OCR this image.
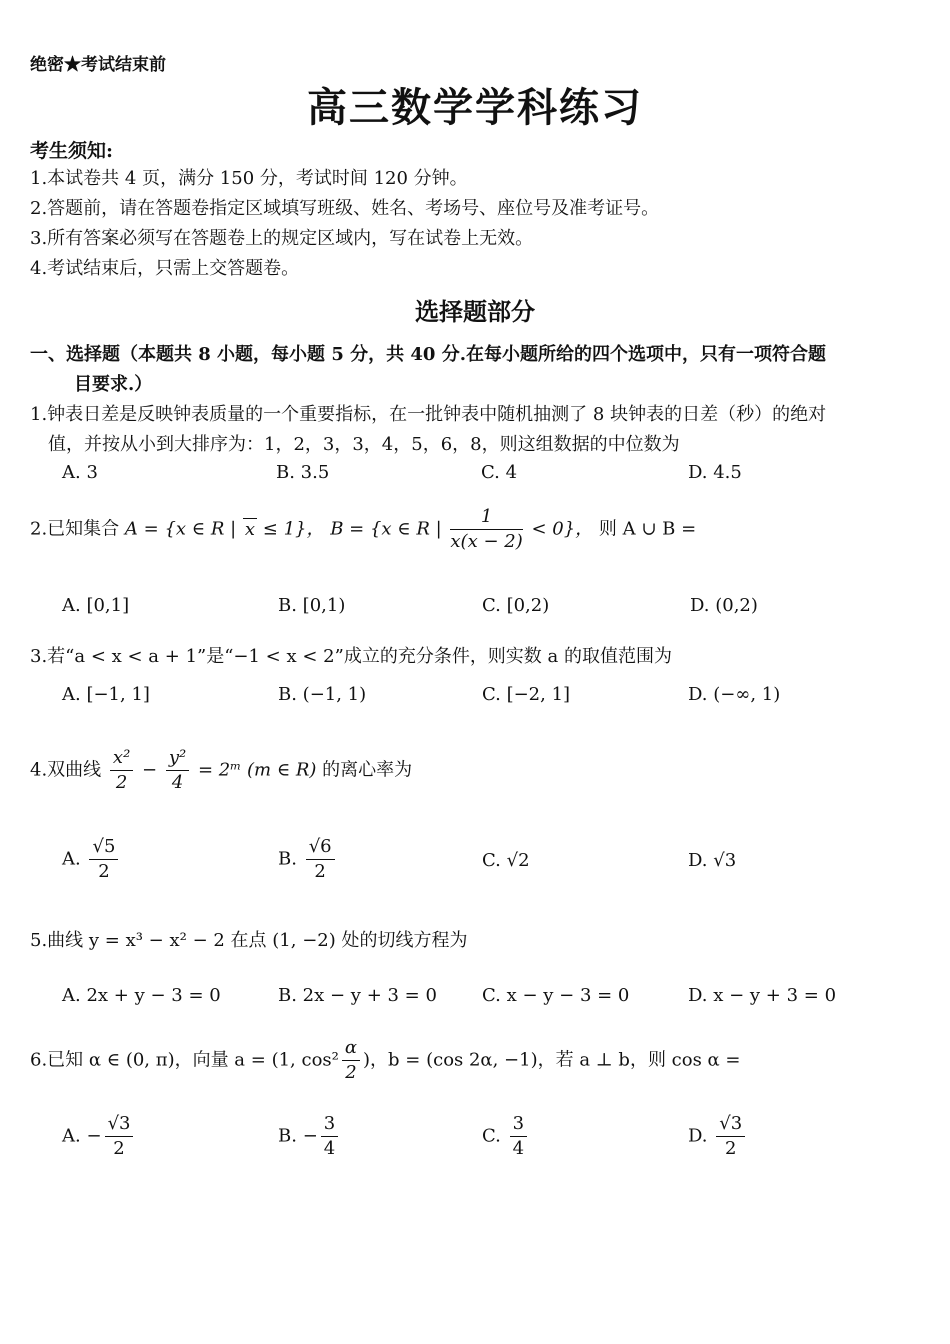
绝密★考试结束前
高三数学学科练习
考生须知:
1.本试卷共 4 页，满分 150 分，考试时间 120 分钟。
2.答题前，请在答题卷指定区域填写班级、姓名、考场号、座位号及准考证号。
3.所有答案必须写在答题卷上的规定区域内，写在试卷上无效。
4.考试结束后，只需上交答题卷。
选择题部分
一、选择题（本题共 8 小题，每小题 5 分，共 40 分.在每小题所给的四个选项中，只有一项符合题
目要求.）
1.钟表日差是反映钟表质量的一个重要指标，在一批钟表中随机抽测了 8 块钟表的日差（秒）的绝对
值，并按从小到大排序为：1，2，3，3，4，5，6，8，则这组数据的中位数为
A. 3	B. 3.5	C. 4	D. 4.5
2.已知集合 A = {x ∈ R | x ≤ 1}， B = {x ∈ R | $\frac{1}{x(x - 2)} < 0$}， 则 A ∪ B =
A. [0,1]	B. [0,1)	C. [0,2)	D. (0,2)
3.若“a < x < a + 1”是“−1 < x < 2”成立的充分条件，则实数 a 的取值范围为
A. [−1, 1]	B. (−1, 1)	C. [−2, 1]	D. (−∞, 1)
4.双曲线 $\frac{\text{x²}}{2} - \frac{\text{y²}}{4}$ = 2ᵐ (m ∈ R) 的离心率为
A. $\frac{√5}{2}$	B. $\frac{√6}{2}$	C. √2	D. √3
5.曲线 y = x³ − x² − 2 在点 (1, −2) 处的切线方程为
A. 2x + y − 3 = 0	B. 2x − y + 3 = 0	C. x − y − 3 = 0	D. x − y + 3 = 0
6.已知 α ∈ (0, π)，向量 a = (1, $\cos^2 \frac{\alpha}{2}$ )，b = (cos 2α, −1)，若 a ⊥ b，则 cos α =
A. − $\frac{√3}{2}$	B. − $\frac{3}{4}$	C. $\frac{3}{4}$	D. $\frac{√3}{2}$
